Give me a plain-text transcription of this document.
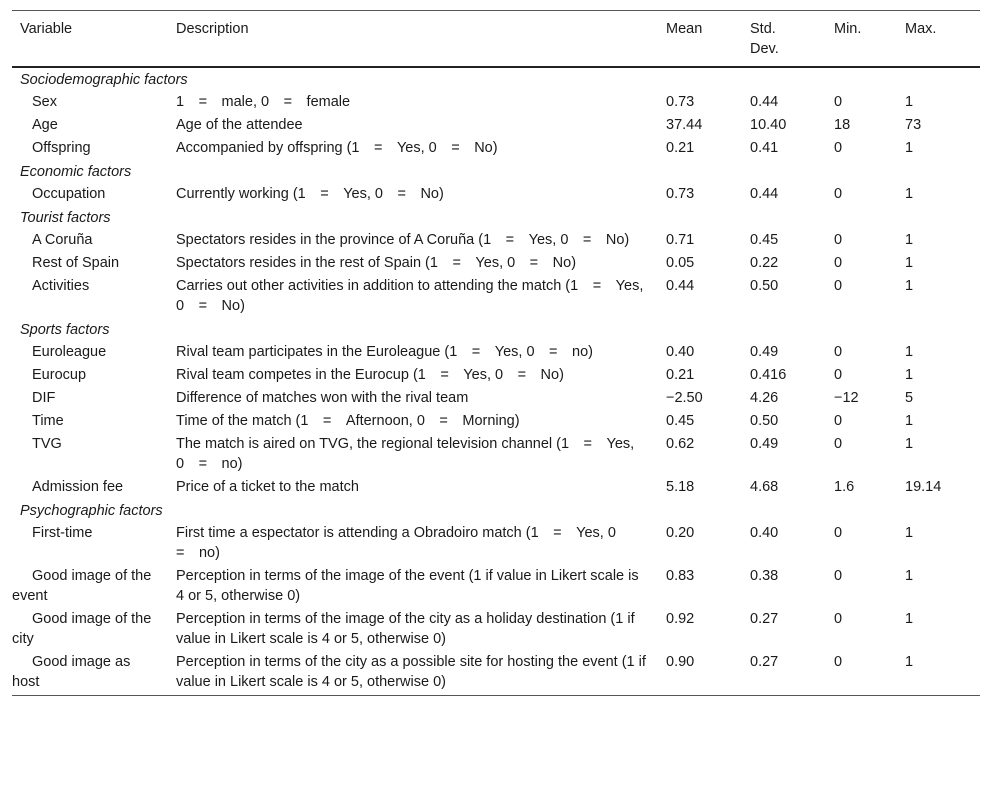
Variable	Description	Mean	Std. Dev.	Min.	Max.
Sociodemographic factors					
Sex	1  =  male, 0  =  female	0.73	0.44	0	1
Age	Age of the attendee	37.44	10.40	18	73
Offspring	Accompanied by offspring (1  =  Yes, 0  =  No)	0.21	0.41	0	1
Economic factors					
Occupation	Currently working (1  =  Yes, 0  =  No)	0.73	0.44	0	1
Tourist factors					
A Coruña	Spectators resides in the province of A Coruña (1  =  Yes, 0  =  No)	0.71	0.45	0	1
Rest of Spain	Spectators resides in the rest of Spain (1  =  Yes, 0  =  No)	0.05	0.22	0	1
Activities	Carries out other activities in addition to attending the match (1  =  Yes, 0  =  No)	0.44	0.50	0	1
Sports factors					
Euroleague	Rival team participates in the Euroleague (1  =  Yes, 0  =  no)	0.40	0.49	0	1
Eurocup	Rival team competes in the Eurocup (1  =  Yes, 0  =  No)	0.21	0.416	0	1
DIF	Difference of matches won with the rival team	−2.50	4.26	−12	5
Time	Time of the match (1  =  Afternoon, 0  =  Morning)	0.45	0.50	0	1
TVG	The match is aired on TVG, the regional television channel (1  =  Yes, 0  =  no)	0.62	0.49	0	1
Admission fee	Price of a ticket to the match	5.18	4.68	1.6	19.14
Psychographic factors					
First-time	First time a espectator is attending a Obradoiro match (1  =  Yes, 0  =  no)	0.20	0.40	0	1
Good image of the event	Perception in terms of the image of the event (1 if value in Likert scale is 4 or 5, otherwise 0)	0.83	0.38	0	1
Good image of the city	Perception in terms of the image of the city as a holiday destination (1 if value in Likert scale is 4 or 5, otherwise 0)	0.92	0.27	0	1
Good image as host	Perception in terms of the city as a possible site for hosting the event (1 if value in Likert scale is 4 or 5, otherwise 0)	0.90	0.27	0	1
